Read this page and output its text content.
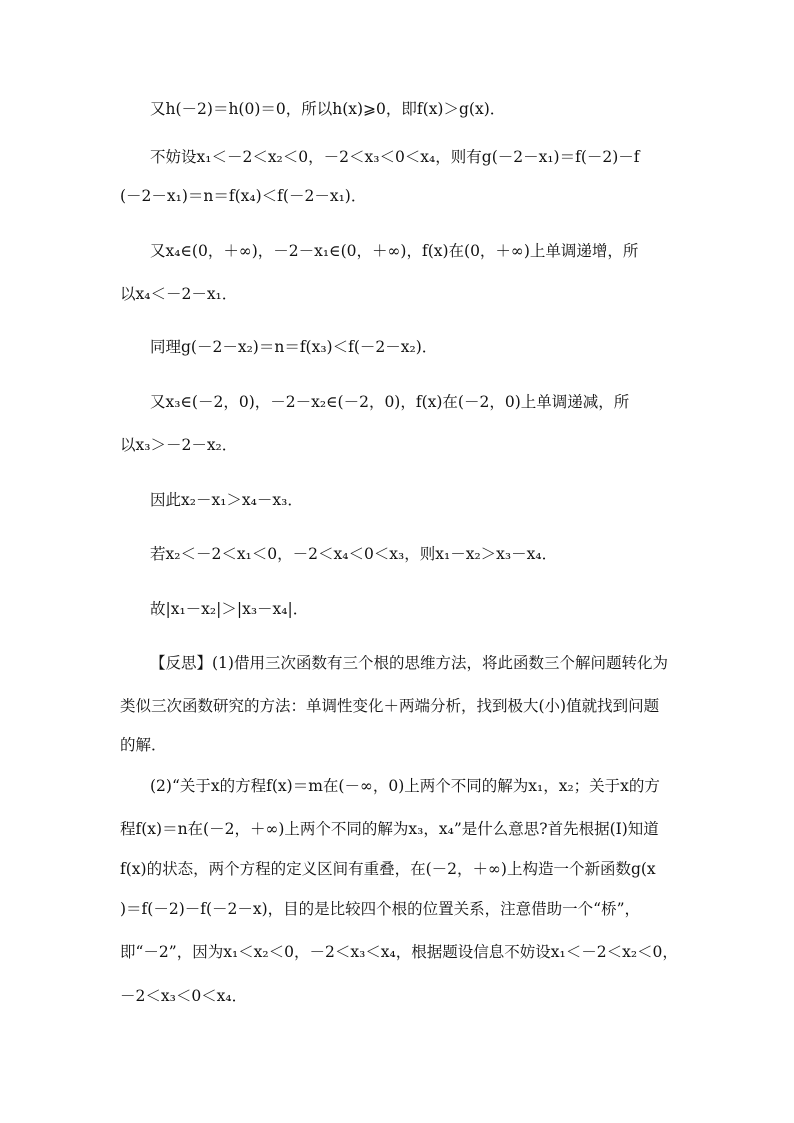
又h(－2)＝h(0)＝0，所以h(x)⩾0，即f(x)＞g(x)．
不妨设x₁＜－2＜x₂＜0，－2＜x₃＜0＜x₄，则有g(－2－x₁)＝f(－2)－f
(－2－x₁)＝n＝f(x₄)＜f(－2－x₁)．
又x₄∈(0，＋∞)，－2－x₁∈(0，＋∞)，f(x)在(0，＋∞)上单调递增，所
以x₄＜－2－x₁．
同理g(－2－x₂)＝n＝f(x₃)＜f(－2－x₂)．
又x₃∈(－2，0)，－2－x₂∈(－2，0)，f(x)在(－2，0)上单调递减，所
以x₃＞－2－x₂．
因此x₂－x₁＞x₄－x₃．
若x₂＜－2＜x₁＜0，－2＜x₄＜0＜x₃，则x₁－x₂＞x₃－x₄．
故|x₁－x₂|＞|x₃－x₄|．
【反思】(1)借用三次函数有三个根的思维方法，将此函数三个解问题转化为
类似三次函数研究的方法：单调性变化＋两端分析，找到极大(小)值就找到问题
的解．
(2)“关于x的方程f(x)＝m在(－∞，0)上两个不同的解为x₁，x₂；关于x的方
程f(x)＝n在(－2，＋∞)上两个不同的解为x₃，x₄”是什么意思?首先根据(Ⅰ)知道
f(x)的状态，两个方程的定义区间有重叠，在(－2，＋∞)上构造一个新函数g(x
)＝f(－2)－f(－2－x)，目的是比较四个根的位置关系，注意借助一个“桥”，
即“－2”，因为x₁＜x₂＜0，－2＜x₃＜x₄，根据题设信息不妨设x₁＜－2＜x₂＜0，
－2＜x₃＜0＜x₄．
